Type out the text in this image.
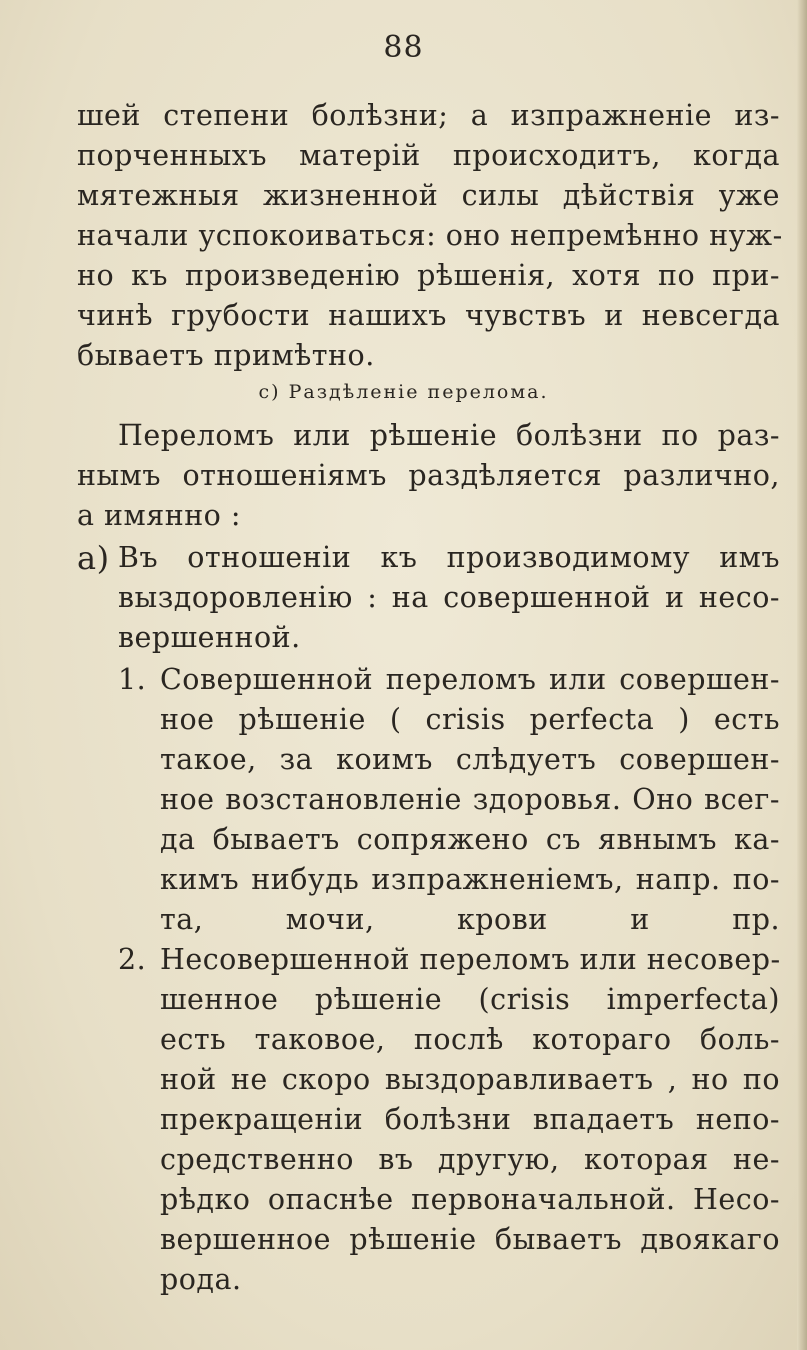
88

шей степени болѣзни; а изпражненіе из-

порченныхъ матерій происходитъ, когда

мятежныя жизненной силы дѣйствія уже

начали успокоиваться: оно непремѣнно нуж-

но къ произведенію рѣшенія, хотя по при-

чинѣ грубости нашихъ чувствъ и невсегда

бываетъ примѣтно.

c) Раздѣленіе перелома.

Переломъ или рѣшеніе болѣзни по раз-

нымъ отношеніямъ раздѣляется различно,

а имянно :

a) Въ отношеніи къ производимому имъ

выздоровленію : на совершенной и несо-

вершенной.

1. Совершенной переломъ или совершен-

ное рѣшеніе ( crisis perfecta ) есть

такое, за коимъ слѣдуетъ совершен-

ное возстановленіе здоровья. Оно всег-

да бываетъ сопряжено съ явнымъ ка-

кимъ нибудь изпражненіемъ, напр. по-

та, мочи, крови и пр.

2. Несовершенной переломъ или несовер-

шенное рѣшеніе (crisis imperfecta)

есть таковое, послѣ котораго боль-

ной не скоро выздоравливаетъ , но по

прекращеніи болѣзни впадаетъ непо-

средственно въ другую, которая не-

рѣдко опаснѣе первоначальной. Несо-

вершенное рѣшеніе бываетъ двоякаго

рода.
